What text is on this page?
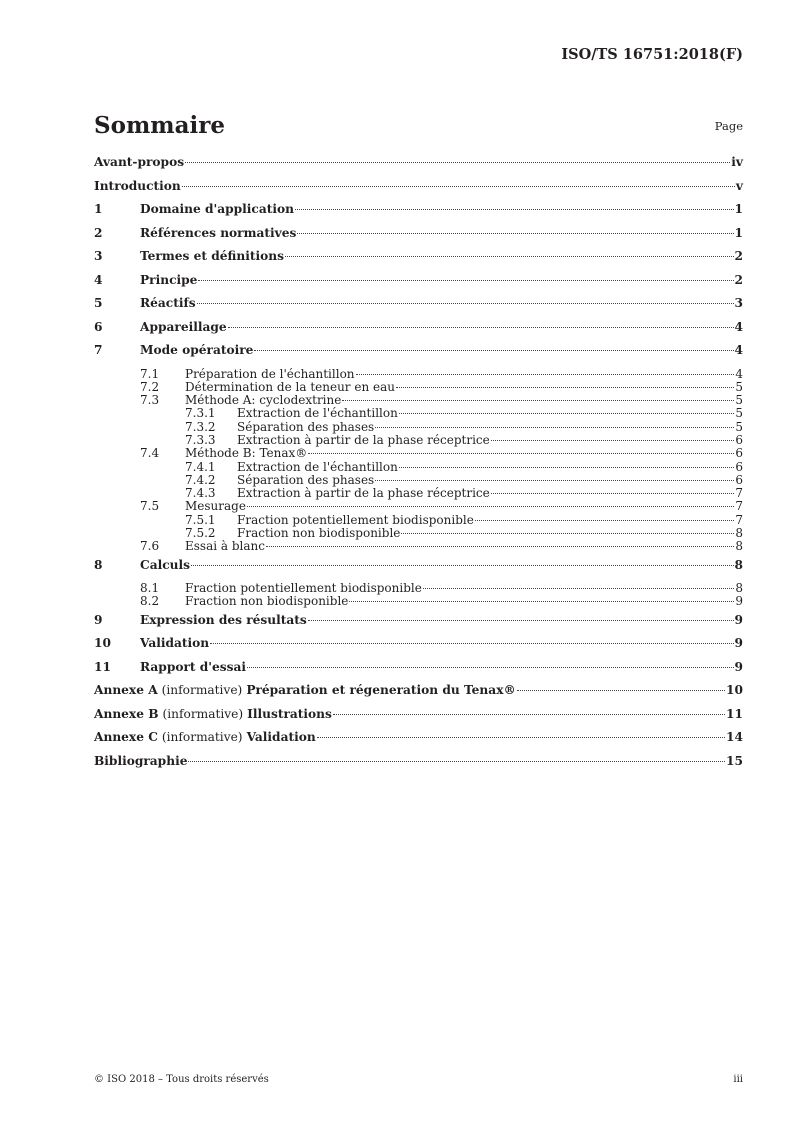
ISO/TS 16751:2018(F)
Sommaire	Page
Avant-propos	iv
Introduction	v
1	Domaine d'application	1
2	Références normatives	1
3	Termes et définitions	2
4	Principe	2
5	Réactifs	3
6	Appareillage	4
7	Mode opératoire	4
7.1	Préparation de l'échantillon	4
7.2	Détermination de la teneur en eau	5
7.3	Méthode A: cyclodextrine	5
7.3.1	Extraction de l'échantillon	5
7.3.2	Séparation des phases	5
7.3.3	Extraction à partir de la phase réceptrice	6
7.4	Méthode B: Tenax®	6
7.4.1	Extraction de l'échantillon	6
7.4.2	Séparation des phases	6
7.4.3	Extraction à partir de la phase réceptrice	7
7.5	Mesurage	7
7.5.1	Fraction potentiellement biodisponible	7
7.5.2	Fraction non biodisponible	8
7.6	Essai à blanc	8
8	Calculs	8
8.1	Fraction potentiellement biodisponible	8
8.2	Fraction non biodisponible	9
9	Expression des résultats	9
10	Validation	9
11	Rapport d'essai	9
Annexe A (informative) Préparation et régeneration du Tenax®	10
Annexe B (informative) Illustrations	11
Annexe C (informative) Validation	14
Bibliographie	15
© ISO 2018 – Tous droits réservés	iii
